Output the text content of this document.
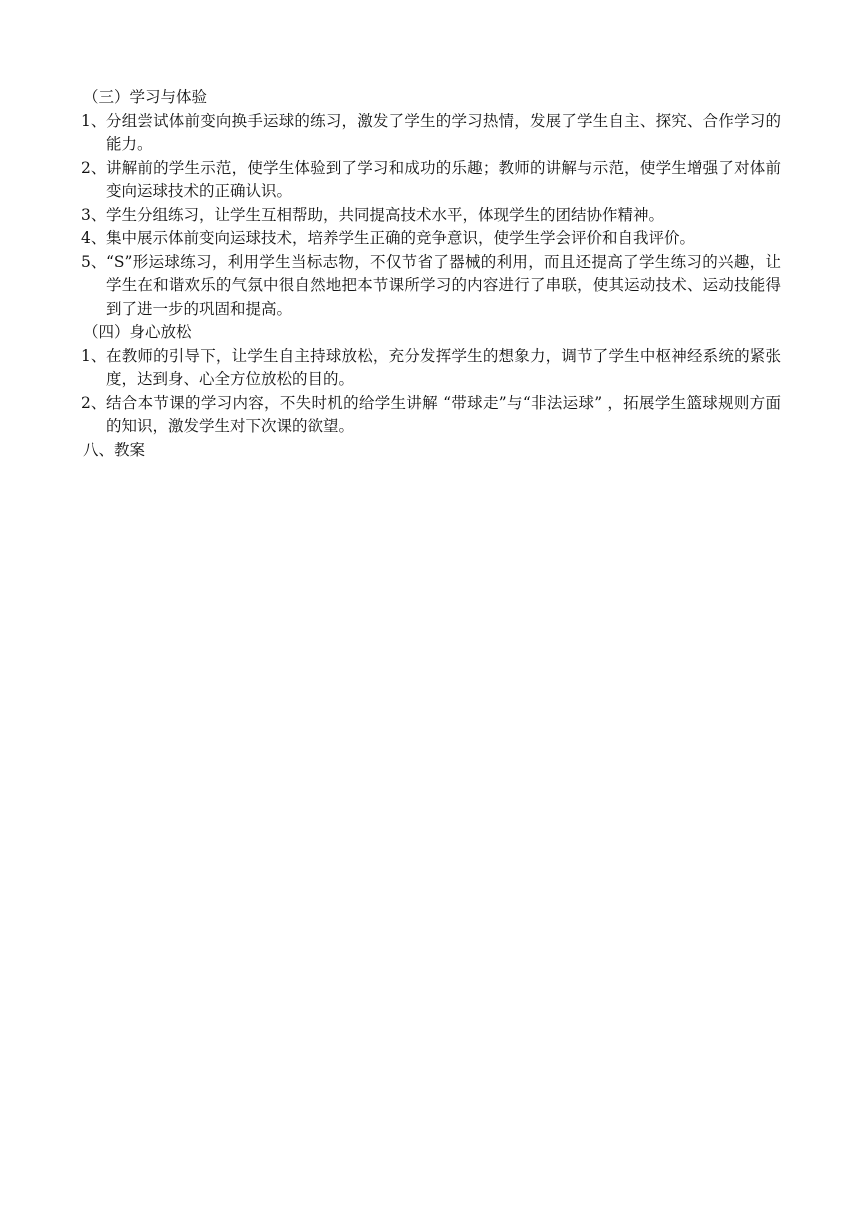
（三）学习与体验

1、 分组尝试体前变向换手运球的练习，激发了学生的学习热情，发展了学生自主、探究、合作学习的能力。

2、 讲解前的学生示范，使学生体验到了学习和成功的乐趣；教师的讲解与示范，使学生增强了对体前变向运球技术的正确认识。

3、 学生分组练习，让学生互相帮助，共同提高技术水平，体现学生的团结协作精神。

4、 集中展示体前变向运球技术，培养学生正确的竞争意识，使学生学会评价和自我评价。

5、 “S”形运球练习，利用学生当标志物，不仅节省了器械的利用，而且还提高了学生练习的兴趣，让学生在和谐欢乐的气氛中很自然地把本节课所学习的内容进行了串联，使其运动技术、运动技能得到了进一步的巩固和提高。

（四）身心放松

1、 在教师的引导下，让学生自主持球放松，充分发挥学生的想象力，调节了学生中枢神经系统的紧张度，达到身、心全方位放松的目的。

2、 结合本节课的学习内容，不失时机的给学生讲解 “带球走”与“非法运球” ，拓展学生篮球规则方面的知识，激发学生对下次课的欲望。

八、教案
